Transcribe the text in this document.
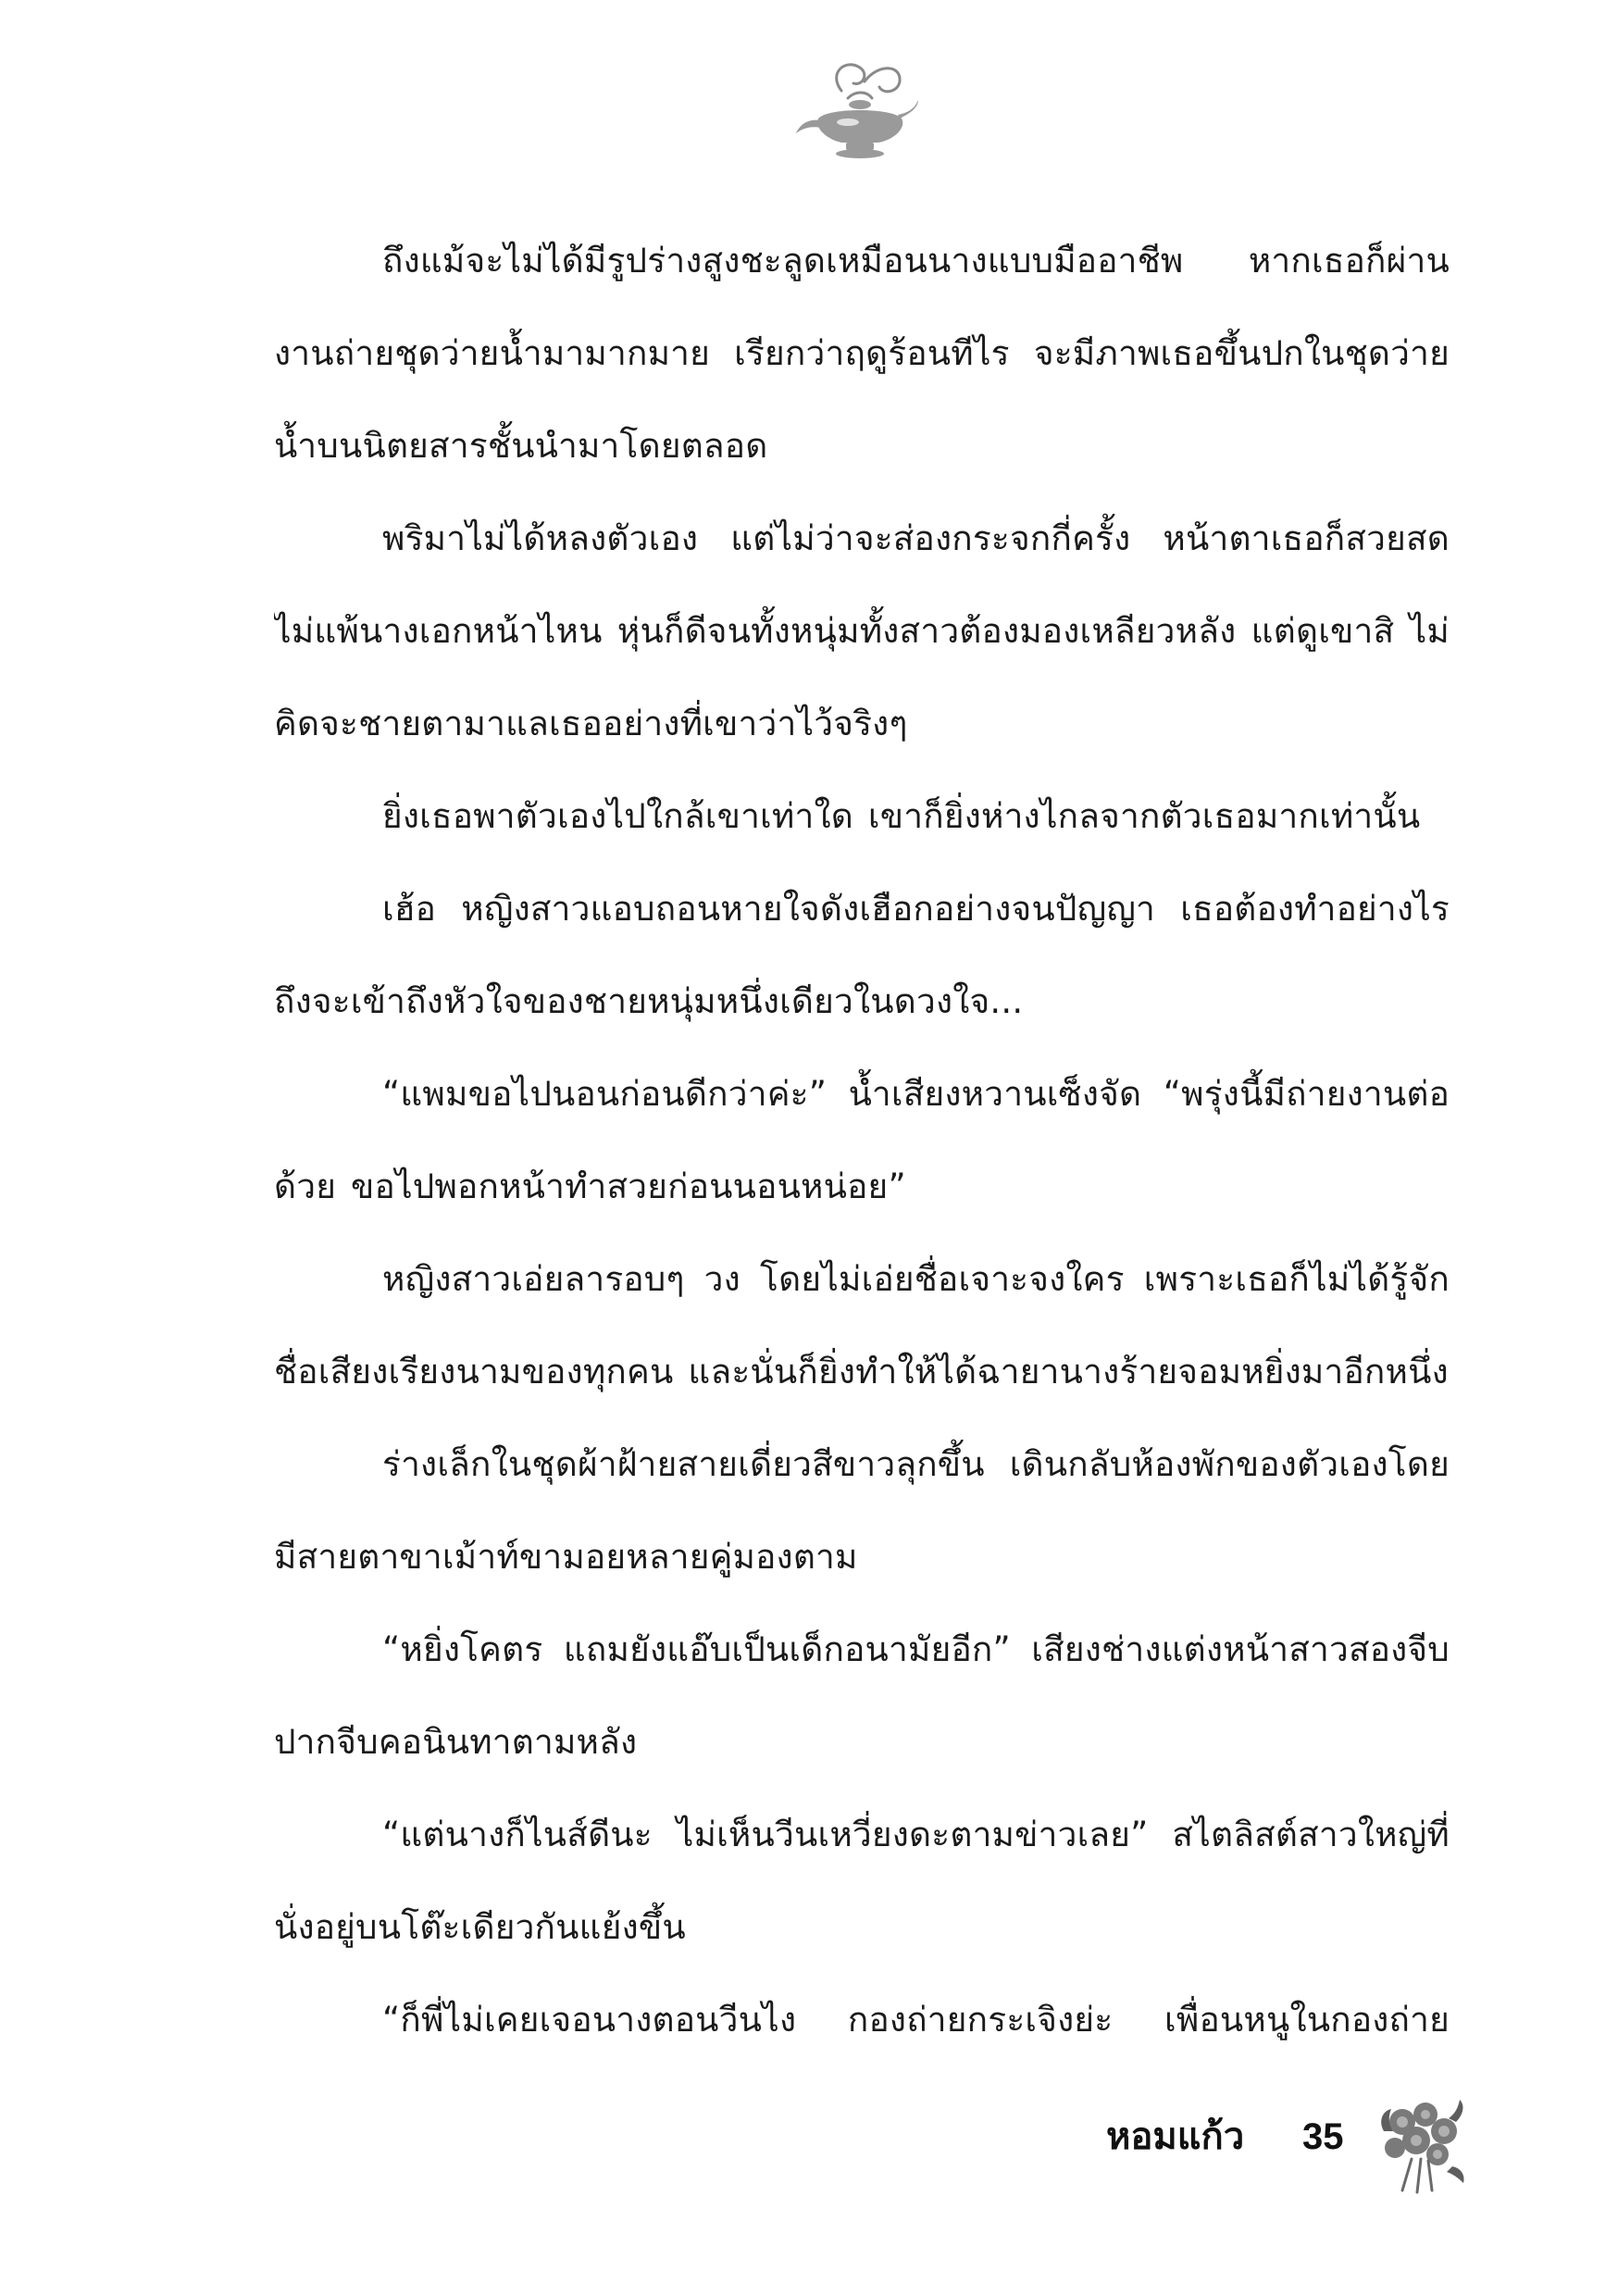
ถึงแม้จะไม่ได้มีรูปร่างสูงชะลูดเหมือนนางแบบมืออาชีพ หากเธอก็ผ่านงานถ่ายชุดว่ายน้ำมามากมาย เรียกว่าฤดูร้อนทีไร จะมีภาพเธอขึ้นปกในชุดว่ายน้ำบนนิตยสารชั้นนำมาโดยตลอด

พริมาไม่ได้หลงตัวเอง แต่ไม่ว่าจะส่องกระจกกี่ครั้ง หน้าตาเธอก็สวยสดไม่แพ้นางเอกหน้าไหน หุ่นก็ดีจนทั้งหนุ่มทั้งสาวต้องมองเหลียวหลัง แต่ดูเขาสิ ไม่คิดจะชายตามาแลเธออย่างที่เขาว่าไว้จริงๆ

ยิ่งเธอพาตัวเองไปใกล้เขาเท่าใด เขาก็ยิ่งห่างไกลจากตัวเธอมากเท่านั้น

เฮ้อ หญิงสาวแอบถอนหายใจดังเฮือกอย่างจนปัญญา เธอต้องทำอย่างไรถึงจะเข้าถึงหัวใจของชายหนุ่มหนึ่งเดียวในดวงใจ...

“แพมขอไปนอนก่อนดีกว่าค่ะ” น้ำเสียงหวานเซ็งจัด “พรุ่งนี้มีถ่ายงานต่อด้วย ขอไปพอกหน้าทำสวยก่อนนอนหน่อย”

หญิงสาวเอ่ยลารอบๆ วง โดยไม่เอ่ยชื่อเจาะจงใคร เพราะเธอก็ไม่ได้รู้จักชื่อเสียงเรียงนามของทุกคน และนั่นก็ยิ่งทำให้ได้ฉายานางร้ายจอมหยิ่งมาอีกหนึ่ง

ร่างเล็กในชุดผ้าฝ้ายสายเดี่ยวสีขาวลุกขึ้น เดินกลับห้องพักของตัวเองโดยมีสายตาขาเม้าท์ขามอยหลายคู่มองตาม

“หยิ่งโคตร แถมยังแอ๊บเป็นเด็กอนามัยอีก” เสียงช่างแต่งหน้าสาวสองจีบปากจีบคอนินทาตามหลัง

“แต่นางก็ไนส์ดีนะ ไม่เห็นวีนเหวี่ยงดะตามข่าวเลย” สไตลิสต์สาวใหญ่ที่นั่งอยู่บนโต๊ะเดียวกันแย้งขึ้น

“ก็พี่ไม่เคยเจอนางตอนวีนไง กองถ่ายกระเจิงย่ะ เพื่อนหนูในกองถ่าย

หอมแก้ว 35
